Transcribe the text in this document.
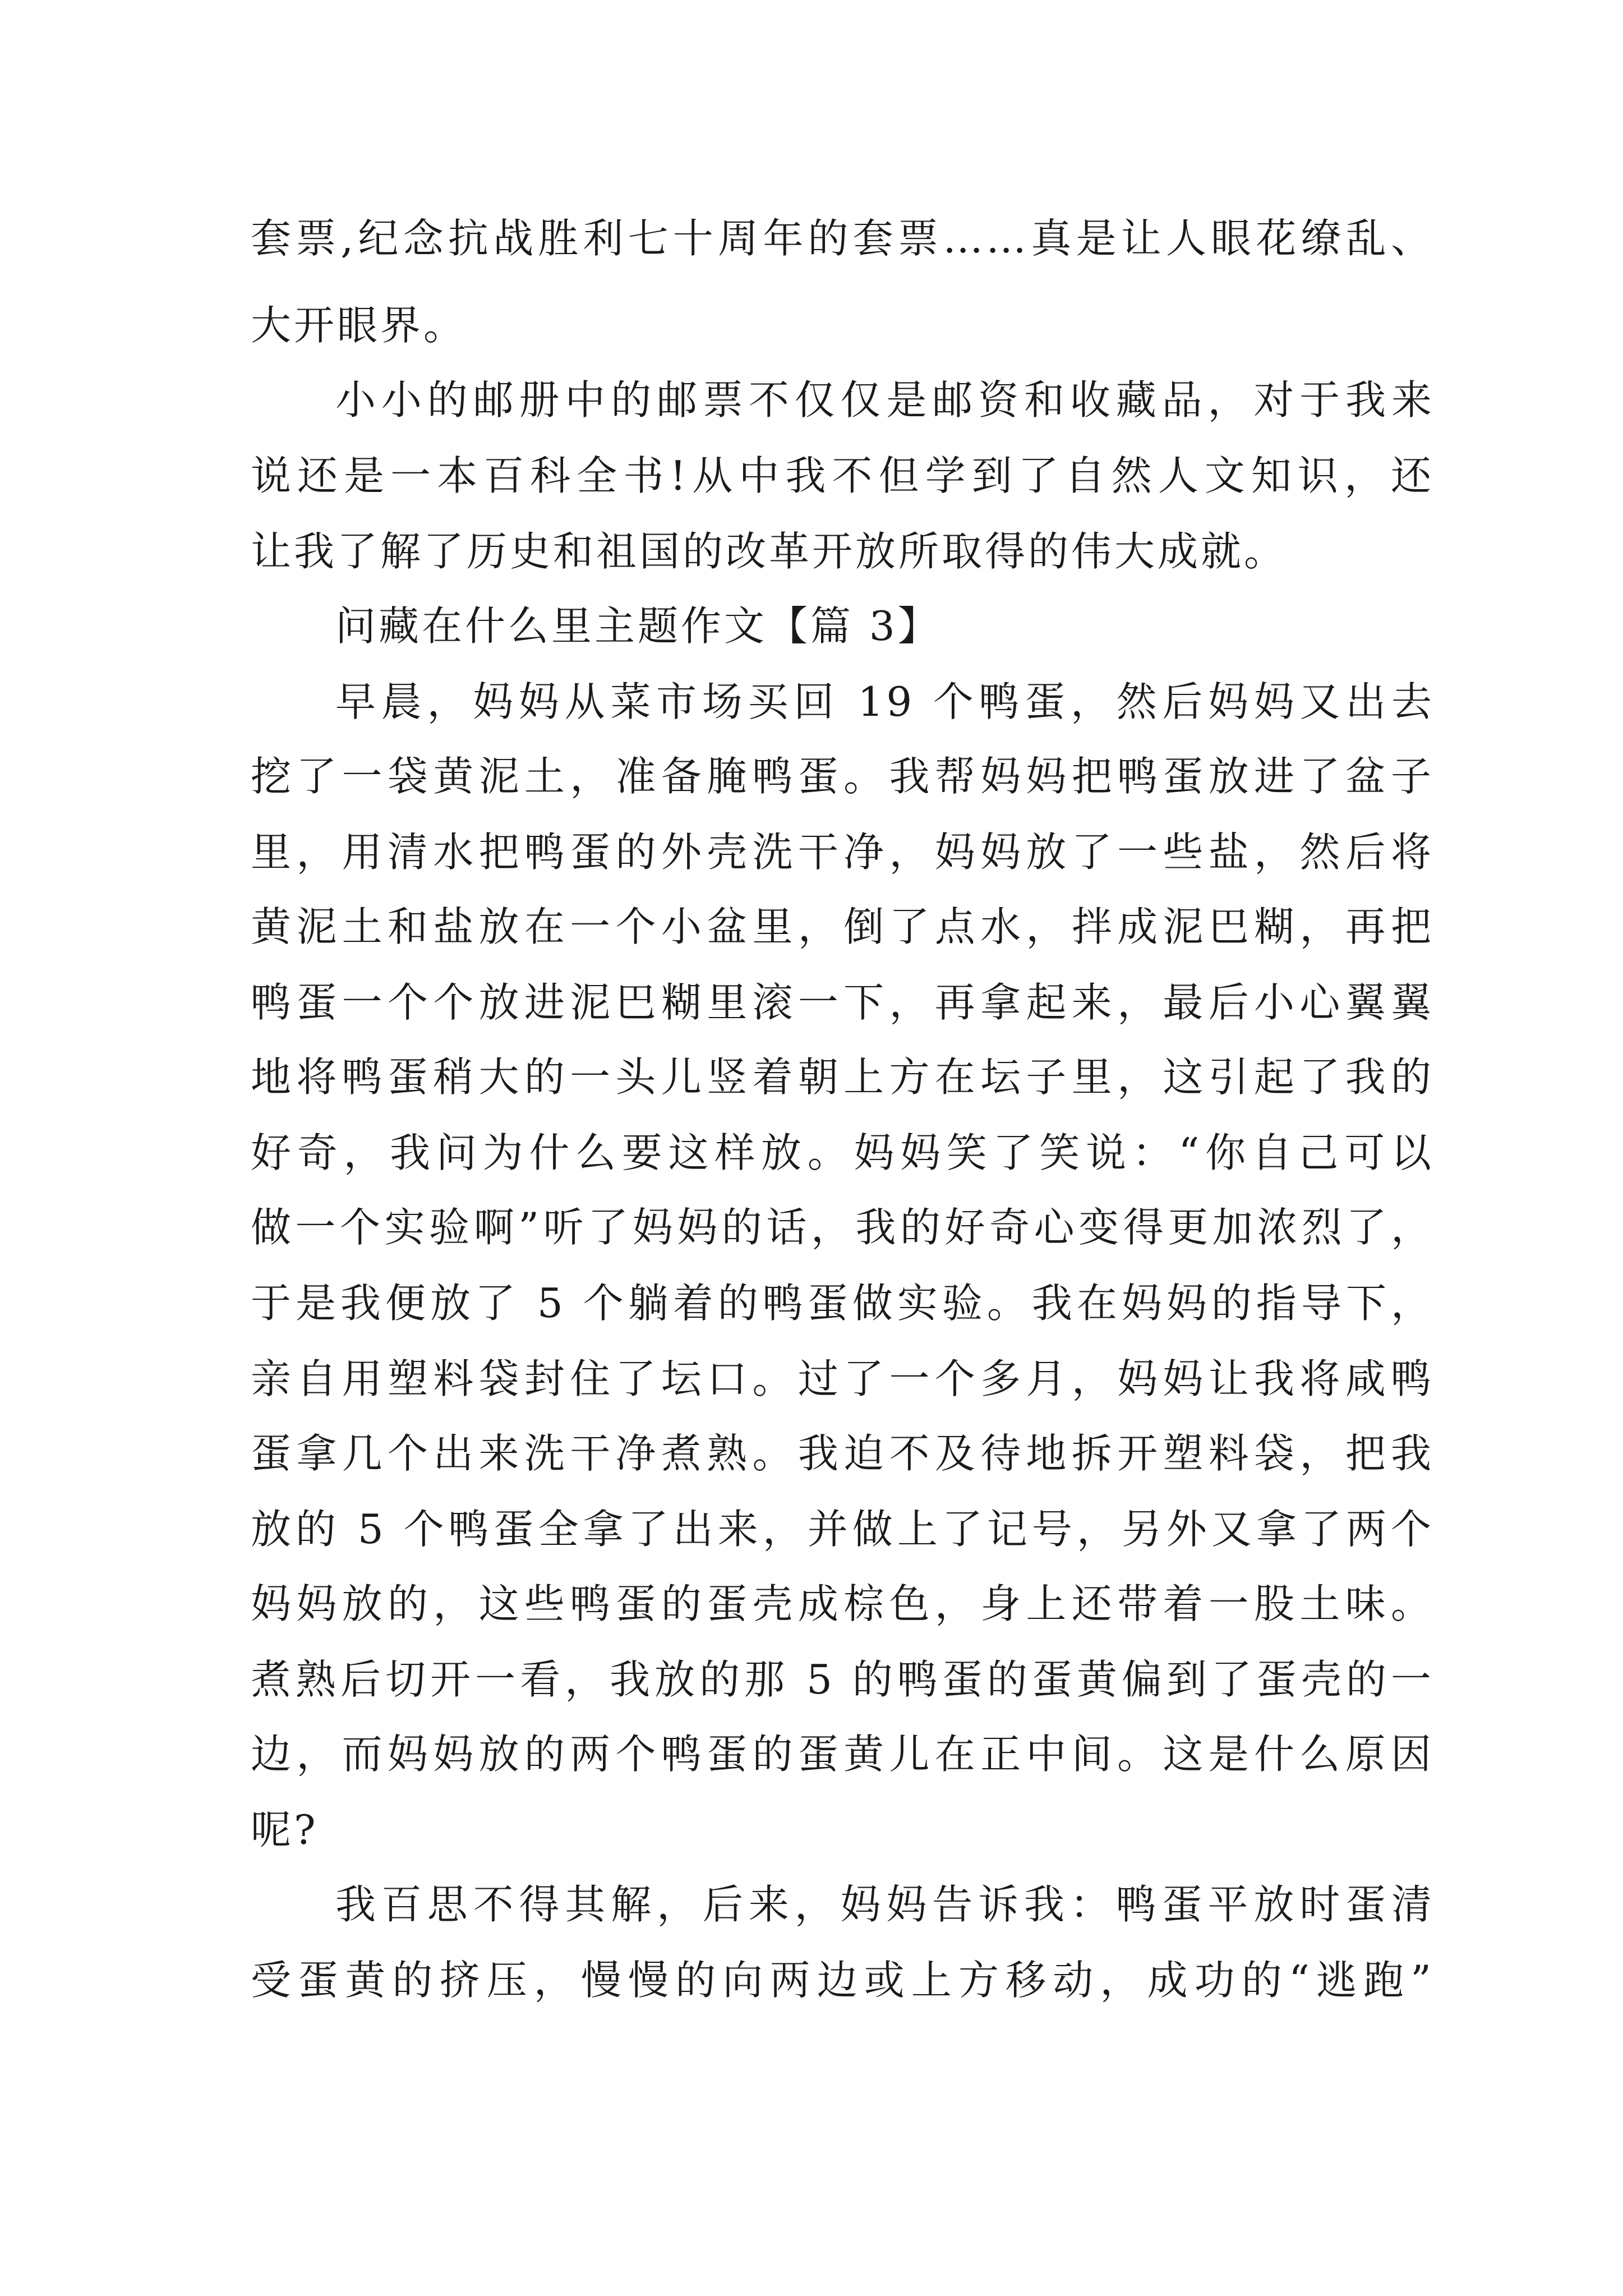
套票,纪念抗战胜利七十周年的套票……真是让人眼花缭乱、
大开眼界。
小小的邮册中的邮票不仅仅是邮资和收藏品，对于我来
说还是一本百科全书!从中我不但学到了自然人文知识，还
让我了解了历史和祖国的改革开放所取得的伟大成就。
问藏在什么里主题作文【篇 3】
早晨，妈妈从菜市场买回 19 个鸭蛋，然后妈妈又出去
挖了一袋黄泥土，准备腌鸭蛋。我帮妈妈把鸭蛋放进了盆子
里，用清水把鸭蛋的外壳洗干净，妈妈放了一些盐，然后将
黄泥土和盐放在一个小盆里，倒了点水，拌成泥巴糊，再把
鸭蛋一个个放进泥巴糊里滚一下，再拿起来，最后小心翼翼
地将鸭蛋稍大的一头儿竖着朝上方在坛子里，这引起了我的
好奇，我问为什么要这样放。妈妈笑了笑说：“你自己可以
做一个实验啊”听了妈妈的话，我的好奇心变得更加浓烈了，
于是我便放了 5 个躺着的鸭蛋做实验。我在妈妈的指导下，
亲自用塑料袋封住了坛口。过了一个多月，妈妈让我将咸鸭
蛋拿几个出来洗干净煮熟。我迫不及待地拆开塑料袋，把我
放的 5 个鸭蛋全拿了出来，并做上了记号，另外又拿了两个
妈妈放的，这些鸭蛋的蛋壳成棕色，身上还带着一股土味。
煮熟后切开一看，我放的那 5 的鸭蛋的蛋黄偏到了蛋壳的一
边，而妈妈放的两个鸭蛋的蛋黄儿在正中间。这是什么原因
呢?
我百思不得其解，后来，妈妈告诉我：鸭蛋平放时蛋清
受蛋黄的挤压，慢慢的向两边或上方移动，成功的“逃跑”
